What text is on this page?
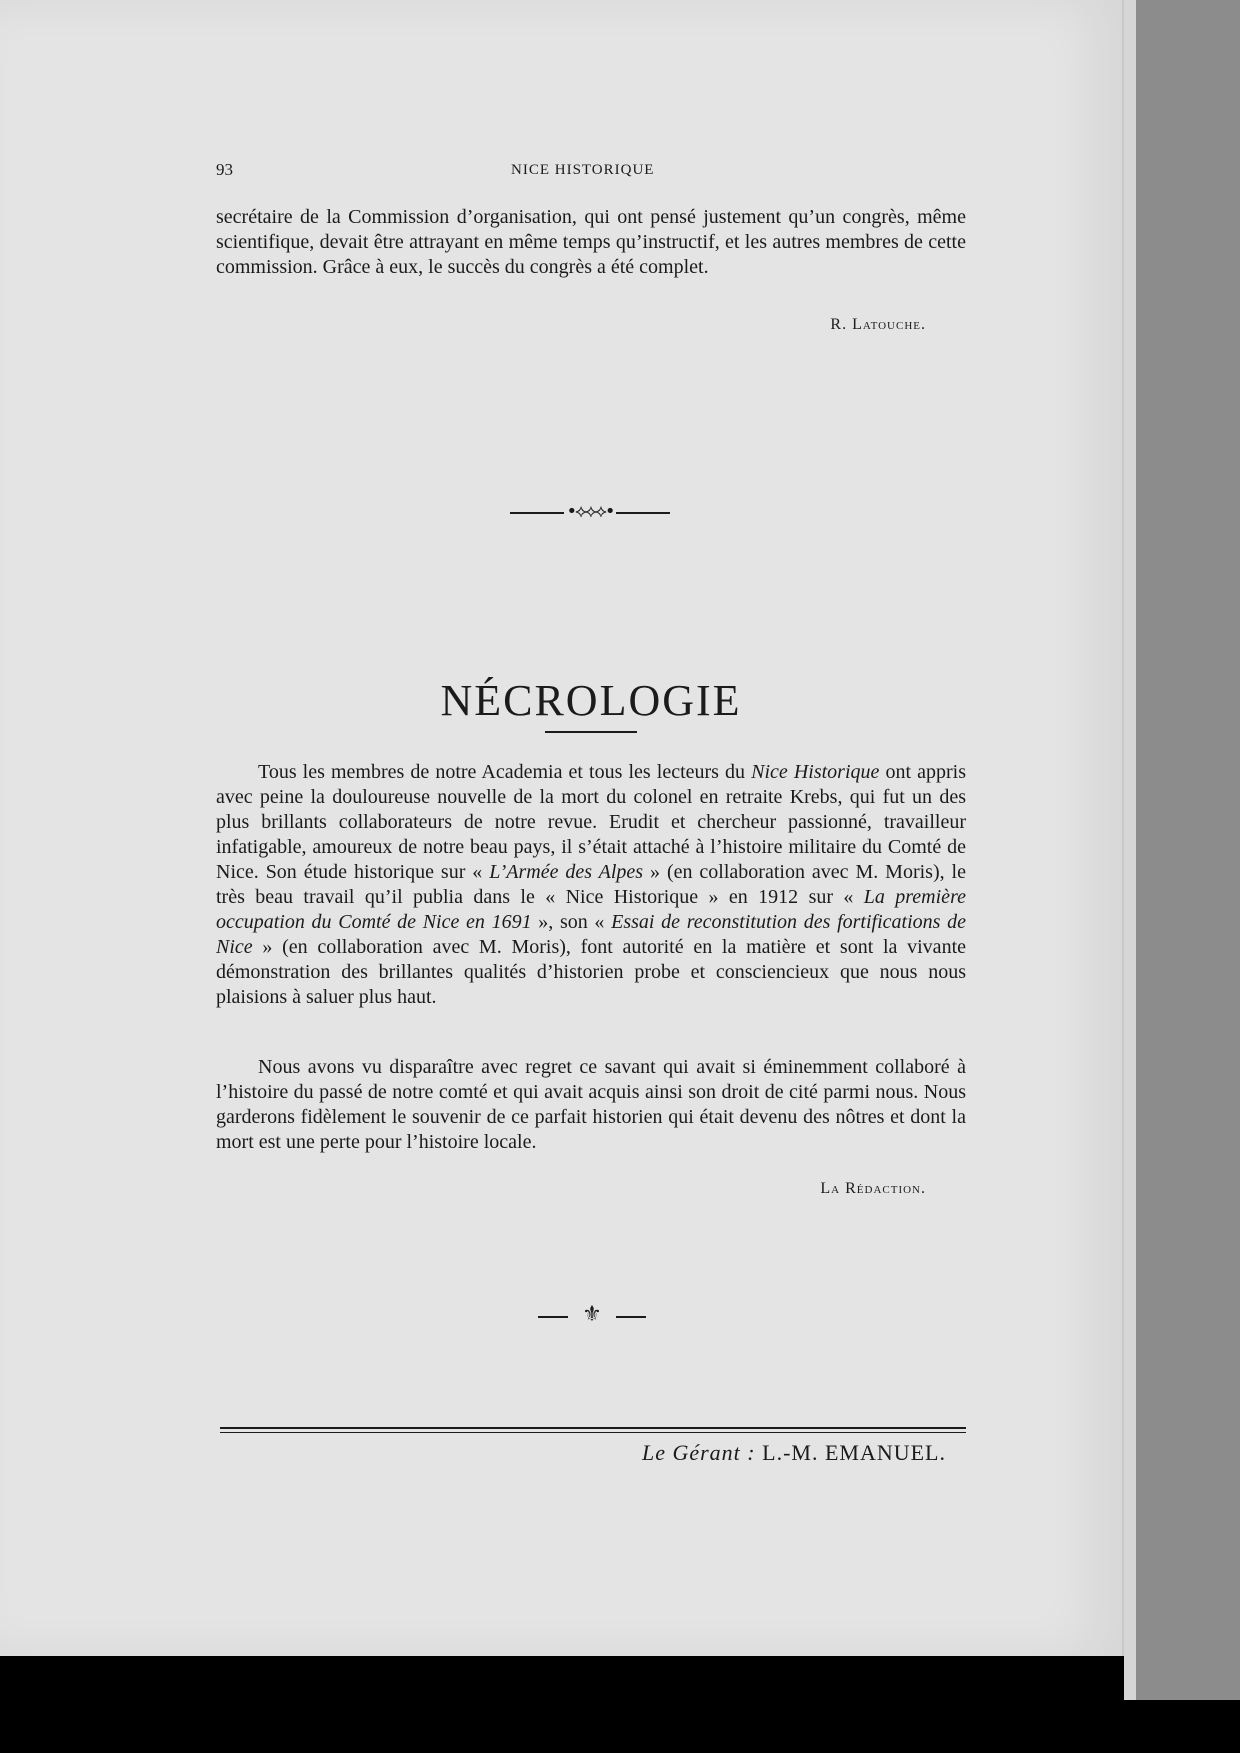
93	NICE HISTORIQUE
secrétaire de la Commission d’organisation, qui ont pensé justement qu’un congrès, même scientifique, devait être attrayant en même temps qu’instructif, et les autres membres de cette commission. Grâce à eux, le succès du congrès a été complet.
R. Latouche.
•⟡⟡⟡•
NÉCROLOGIE
Tous les membres de notre Academia et tous les lecteurs du Nice Historique ont appris avec peine la douloureuse nouvelle de la mort du colonel en retraite Krebs, qui fut un des plus brillants collaborateurs de notre revue. Erudit et chercheur passionné, travailleur infatigable, amoureux de notre beau pays, il s’était attaché à l’histoire militaire du Comté de Nice. Son étude historique sur « L’Armée des Alpes » (en collaboration avec M. Moris), le très beau travail qu’il publia dans le « Nice Historique » en 1912 sur « La première occupation du Comté de Nice en 1691 », son « Essai de reconstitution des fortifications de Nice » (en collaboration avec M. Moris), font autorité en la matière et sont la vivante démonstration des brillantes qualités d’historien probe et consciencieux que nous nous plaisions à saluer plus haut.
Nous avons vu disparaître avec regret ce savant qui avait si éminemment collaboré à l’histoire du passé de notre comté et qui avait acquis ainsi son droit de cité parmi nous. Nous garderons fidèlement le souvenir de ce parfait historien qui était devenu des nôtres et dont la mort est une perte pour l’histoire locale.
La Rédaction.
⚜
Le Gérant : L.-M. EMANUEL.
